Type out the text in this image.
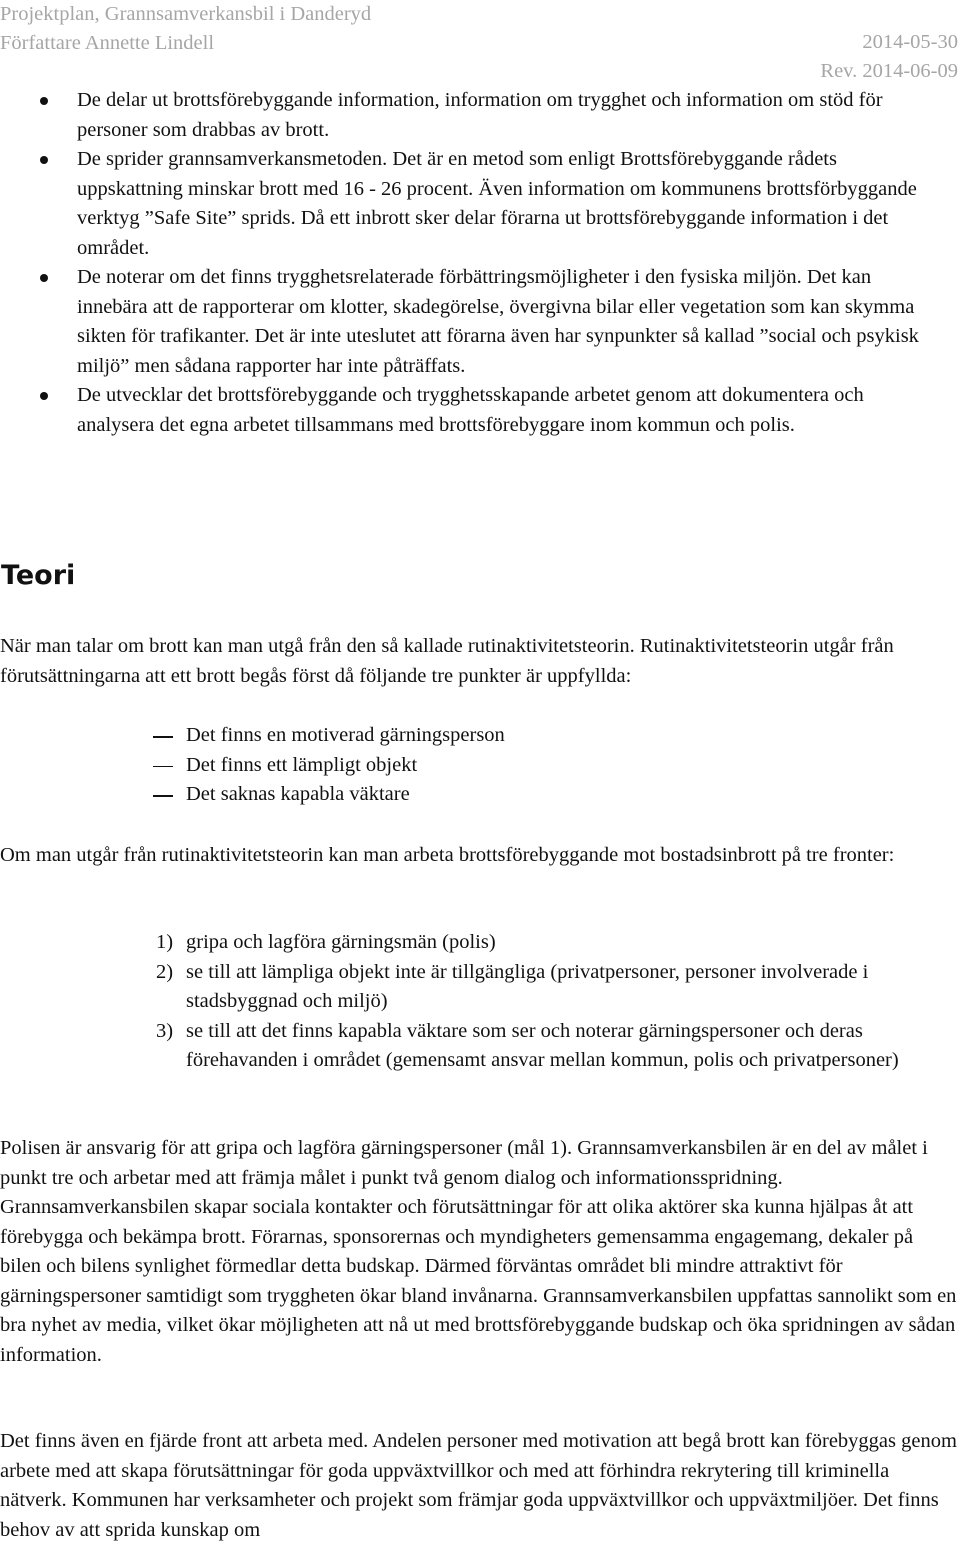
Projektplan, Grannsamverkansbil i Danderyd
Författare Annette Lindell	2014-05-30
Rev. 2014-06-09
De delar ut brottsförebyggande information, information om trygghet och information om stöd för personer som drabbas av brott.
De sprider grannsamverkansmetoden. Det är en metod som enligt Brottsförebyggande rådets uppskattning minskar brott med 16 - 26 procent. Även information om kommunens brottsförbyggande verktyg ”Safe Site” sprids. Då ett inbrott sker delar förarna ut brottsförebyggande information i det området.
De noterar om det finns trygghetsrelaterade förbättringsmöjligheter i den fysiska miljön. Det kan innebära att de rapporterar om klotter, skadegörelse, övergivna bilar eller vegetation som kan skymma sikten för trafikanter. Det är inte uteslutet att förarna även har synpunkter så kallad ”social och psykisk miljö” men sådana rapporter har inte påträffats.
De utvecklar det brottsförebyggande och trygghetsskapande arbetet genom att dokumentera och analysera det egna arbetet tillsammans med brottsförebyggare inom kommun och polis.
Teori

När man talar om brott kan man utgå från den så kallade rutinaktivitetsteorin. Rutinaktivitetsteorin utgår från förutsättningarna att ett brott begås först då följande tre punkter är uppfyllda:

Det finns en motiverad gärningsperson
Det finns ett lämpligt objekt
Det saknas kapabla väktare

Om man utgår från rutinaktivitetsteorin kan man arbeta brottsförebyggande mot bostadsinbrott på tre fronter:

1) gripa och lagföra gärningsmän (polis)
2) se till att lämpliga objekt inte är tillgängliga (privatpersoner, personer involverade i stadsbyggnad och miljö)
3) se till att det finns kapabla väktare som ser och noterar gärningspersoner och deras förehavanden i området (gemensamt ansvar mellan kommun, polis och privatpersoner)

Polisen är ansvarig för att gripa och lagföra gärningspersoner (mål 1). Grannsamverkansbilen är en del av målet i punkt tre och arbetar med att främja målet i punkt två genom dialog och informationsspridning. Grannsamverkansbilen skapar sociala kontakter och förutsättningar för att olika aktörer ska kunna hjälpas åt att förebygga och bekämpa brott. Förarnas, sponsorernas och myndigheters gemensamma engagemang, dekaler på bilen och bilens synlighet förmedlar detta budskap. Därmed förväntas området bli mindre attraktivt för gärningspersoner samtidigt som tryggheten ökar bland invånarna. Grannsamverkansbilen uppfattas sannolikt som en bra nyhet av media, vilket ökar möjligheten att nå ut med brottsförebyggande budskap och öka spridningen av sådan information.

Det finns även en fjärde front att arbeta med. Andelen personer med motivation att begå brott kan förebyggas genom arbete med att skapa förutsättningar för goda uppväxtvillkor och med att förhindra rekrytering till kriminella nätverk. Kommunen har verksamheter och projekt som främjar goda uppväxtvillkor och uppväxtmiljöer. Det finns behov av att sprida kunskap om
